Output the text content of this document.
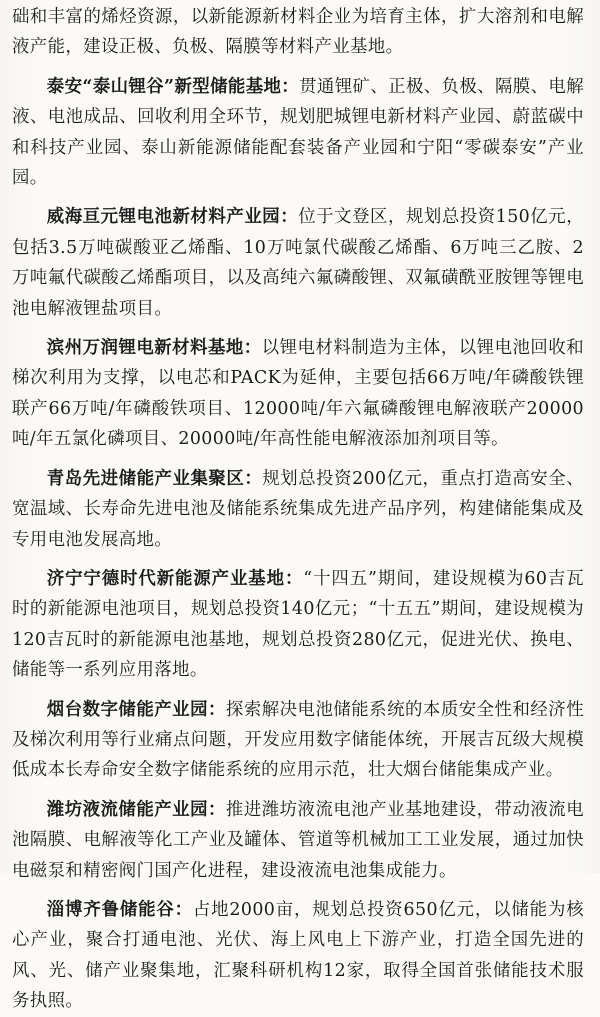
础和丰富的烯烃资源，以新能源新材料企业为培育主体，扩大溶剂和电解液产能，建设正极、负极、隔膜等材料产业基地。

泰安“泰山锂谷”新型储能基地：贯通锂矿、正极、负极、隔膜、电解液、电池成品、回收利用全环节，规划肥城锂电新材料产业园、蔚蓝碳中和科技产业园、泰山新能源储能配套装备产业园和宁阳“零碳泰安”产业园。

威海亘元锂电池新材料产业园：位于文登区，规划总投资150亿元，包括3.5万吨碳酸亚乙烯酯、10万吨氯代碳酸乙烯酯、6万吨三乙胺、2万吨氟代碳酸乙烯酯项目，以及高纯六氟磷酸锂、双氟磺酰亚胺锂等锂电池电解液锂盐项目。

滨州万润锂电新材料基地：以锂电材料制造为主体，以锂电池回收和梯次利用为支撑，以电芯和PACK为延伸，主要包括66万吨/年磷酸铁锂联产66万吨/年磷酸铁项目、12000吨/年六氟磷酸锂电解液联产20000吨/年五氯化磷项目、20000吨/年高性能电解液添加剂项目等。

青岛先进储能产业集聚区：规划总投资200亿元，重点打造高安全、宽温域、长寿命先进电池及储能系统集成先进产品序列，构建储能集成及专用电池发展高地。

济宁宁德时代新能源产业基地：“十四五”期间，建设规模为60吉瓦时的新能源电池项目，规划总投资140亿元；“十五五”期间，建设规模为120吉瓦时的新能源电池基地，规划总投资280亿元，促进光伏、换电、储能等一系列应用落地。

烟台数字储能产业园：探索解决电池储能系统的本质安全性和经济性及梯次利用等行业痛点问题，开发应用数字储能体统，开展吉瓦级大规模低成本长寿命安全数字储能系统的应用示范，壮大烟台储能集成产业。

潍坊液流储能产业园：推进潍坊液流电池产业基地建设，带动液流电池隔膜、电解液等化工产业及罐体、管道等机械加工工业发展，通过加快电磁泵和精密阀门国产化进程，建设液流电池集成能力。

淄博齐鲁储能谷：占地2000亩，规划总投资650亿元，以储能为核心产业，聚合打通电池、光伏、海上风电上下游产业，打造全国先进的风、光、储产业聚集地，汇聚科研机构12家，取得全国首张储能技术服务执照。
